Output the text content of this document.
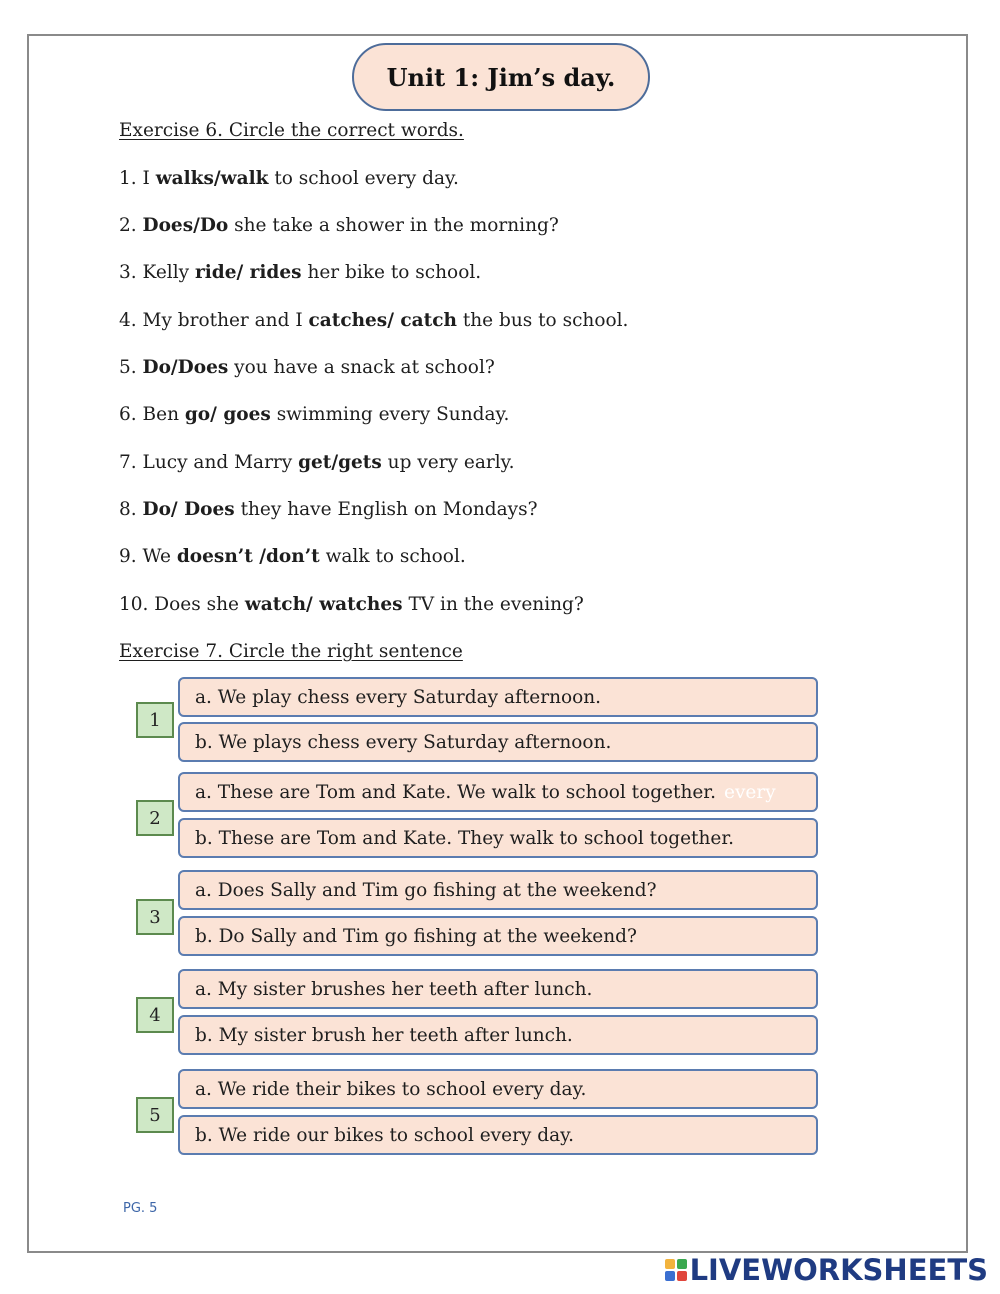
Unit 1: Jim’s day.
Exercise 6. Circle the correct words.
1. I walks/walk to school every day.
2. Does/Do she take a shower in the morning?
3. Kelly ride/ rides her bike to school.
4. My brother and I catches/ catch the bus to school.
5. Do/Does you have a snack at school?
6. Ben go/ goes swimming every Sunday.
7. Lucy and Marry get/gets up very early.
8. Do/ Does they have English on Mondays?
9. We doesn’t /don’t walk to school.
10. Does she watch/ watches TV in the evening?
Exercise 7. Circle the right sentence
1
a. We play chess every Saturday afternoon.
b. We plays chess every Saturday afternoon.
2
a. These are Tom and Kate. We walk to school together. every
b. These are Tom and Kate. They walk to school together.
3
a. Does Sally and Tim go fishing at the weekend?
b. Do Sally and Tim go fishing at the weekend?
4
a. My sister brushes her teeth after lunch.
b. My sister brush her teeth after lunch.
5
a. We ride their bikes to school every day.
b. We ride our bikes to school every day.
PG. 5
LIVEWORKSHEETS
